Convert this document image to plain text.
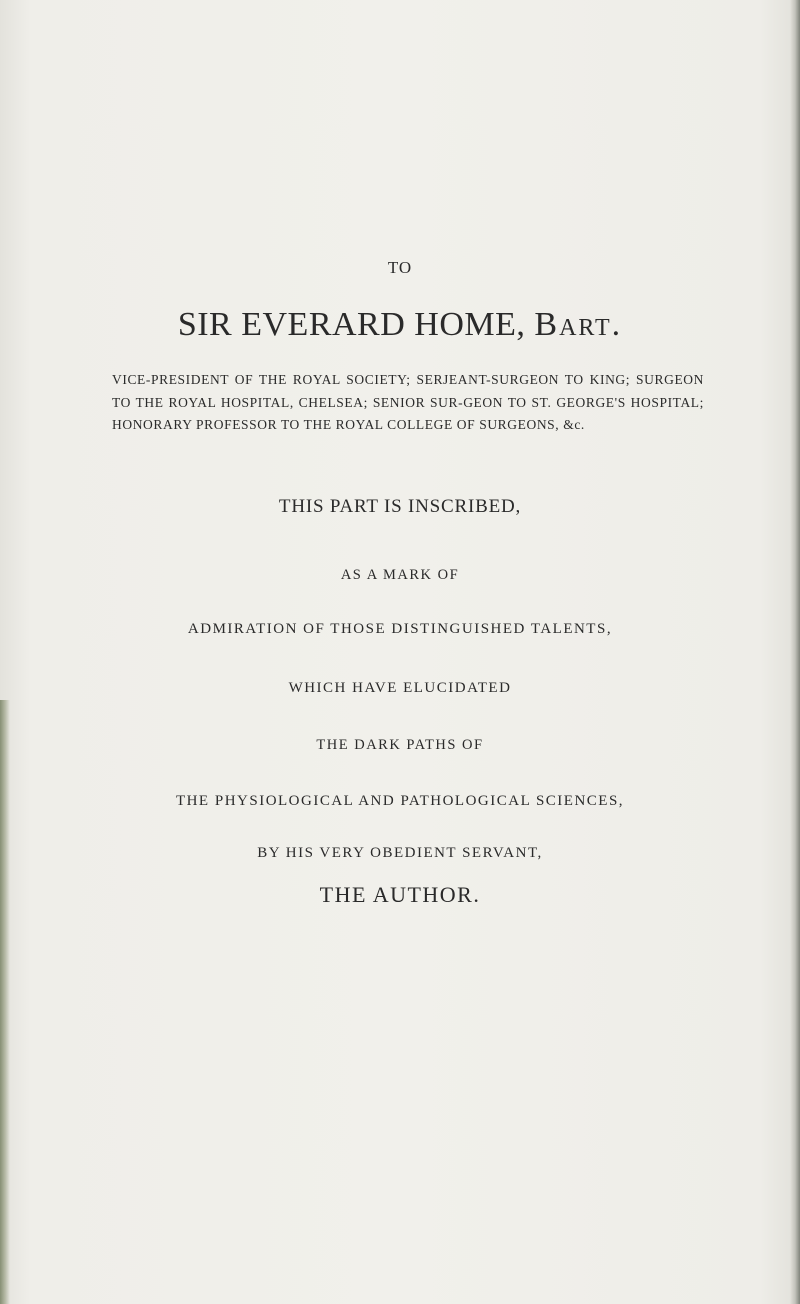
TO

SIR EVERARD HOME, Bart.

VICE-PRESIDENT OF THE ROYAL SOCIETY; SERJEANT-SURGEON TO KING; SURGEON TO THE ROYAL HOSPITAL, CHELSEA; SENIOR SUR-GEON TO ST. GEORGE'S HOSPITAL; HONORARY PROFESSOR TO THE ROYAL COLLEGE OF SURGEONS, &c.

THIS PART IS INSCRIBED,

AS A MARK OF

ADMIRATION OF THOSE DISTINGUISHED TALENTS,

WHICH HAVE ELUCIDATED

THE DARK PATHS OF

THE PHYSIOLOGICAL AND PATHOLOGICAL SCIENCES,

BY HIS VERY OBEDIENT SERVANT,

THE AUTHOR.
